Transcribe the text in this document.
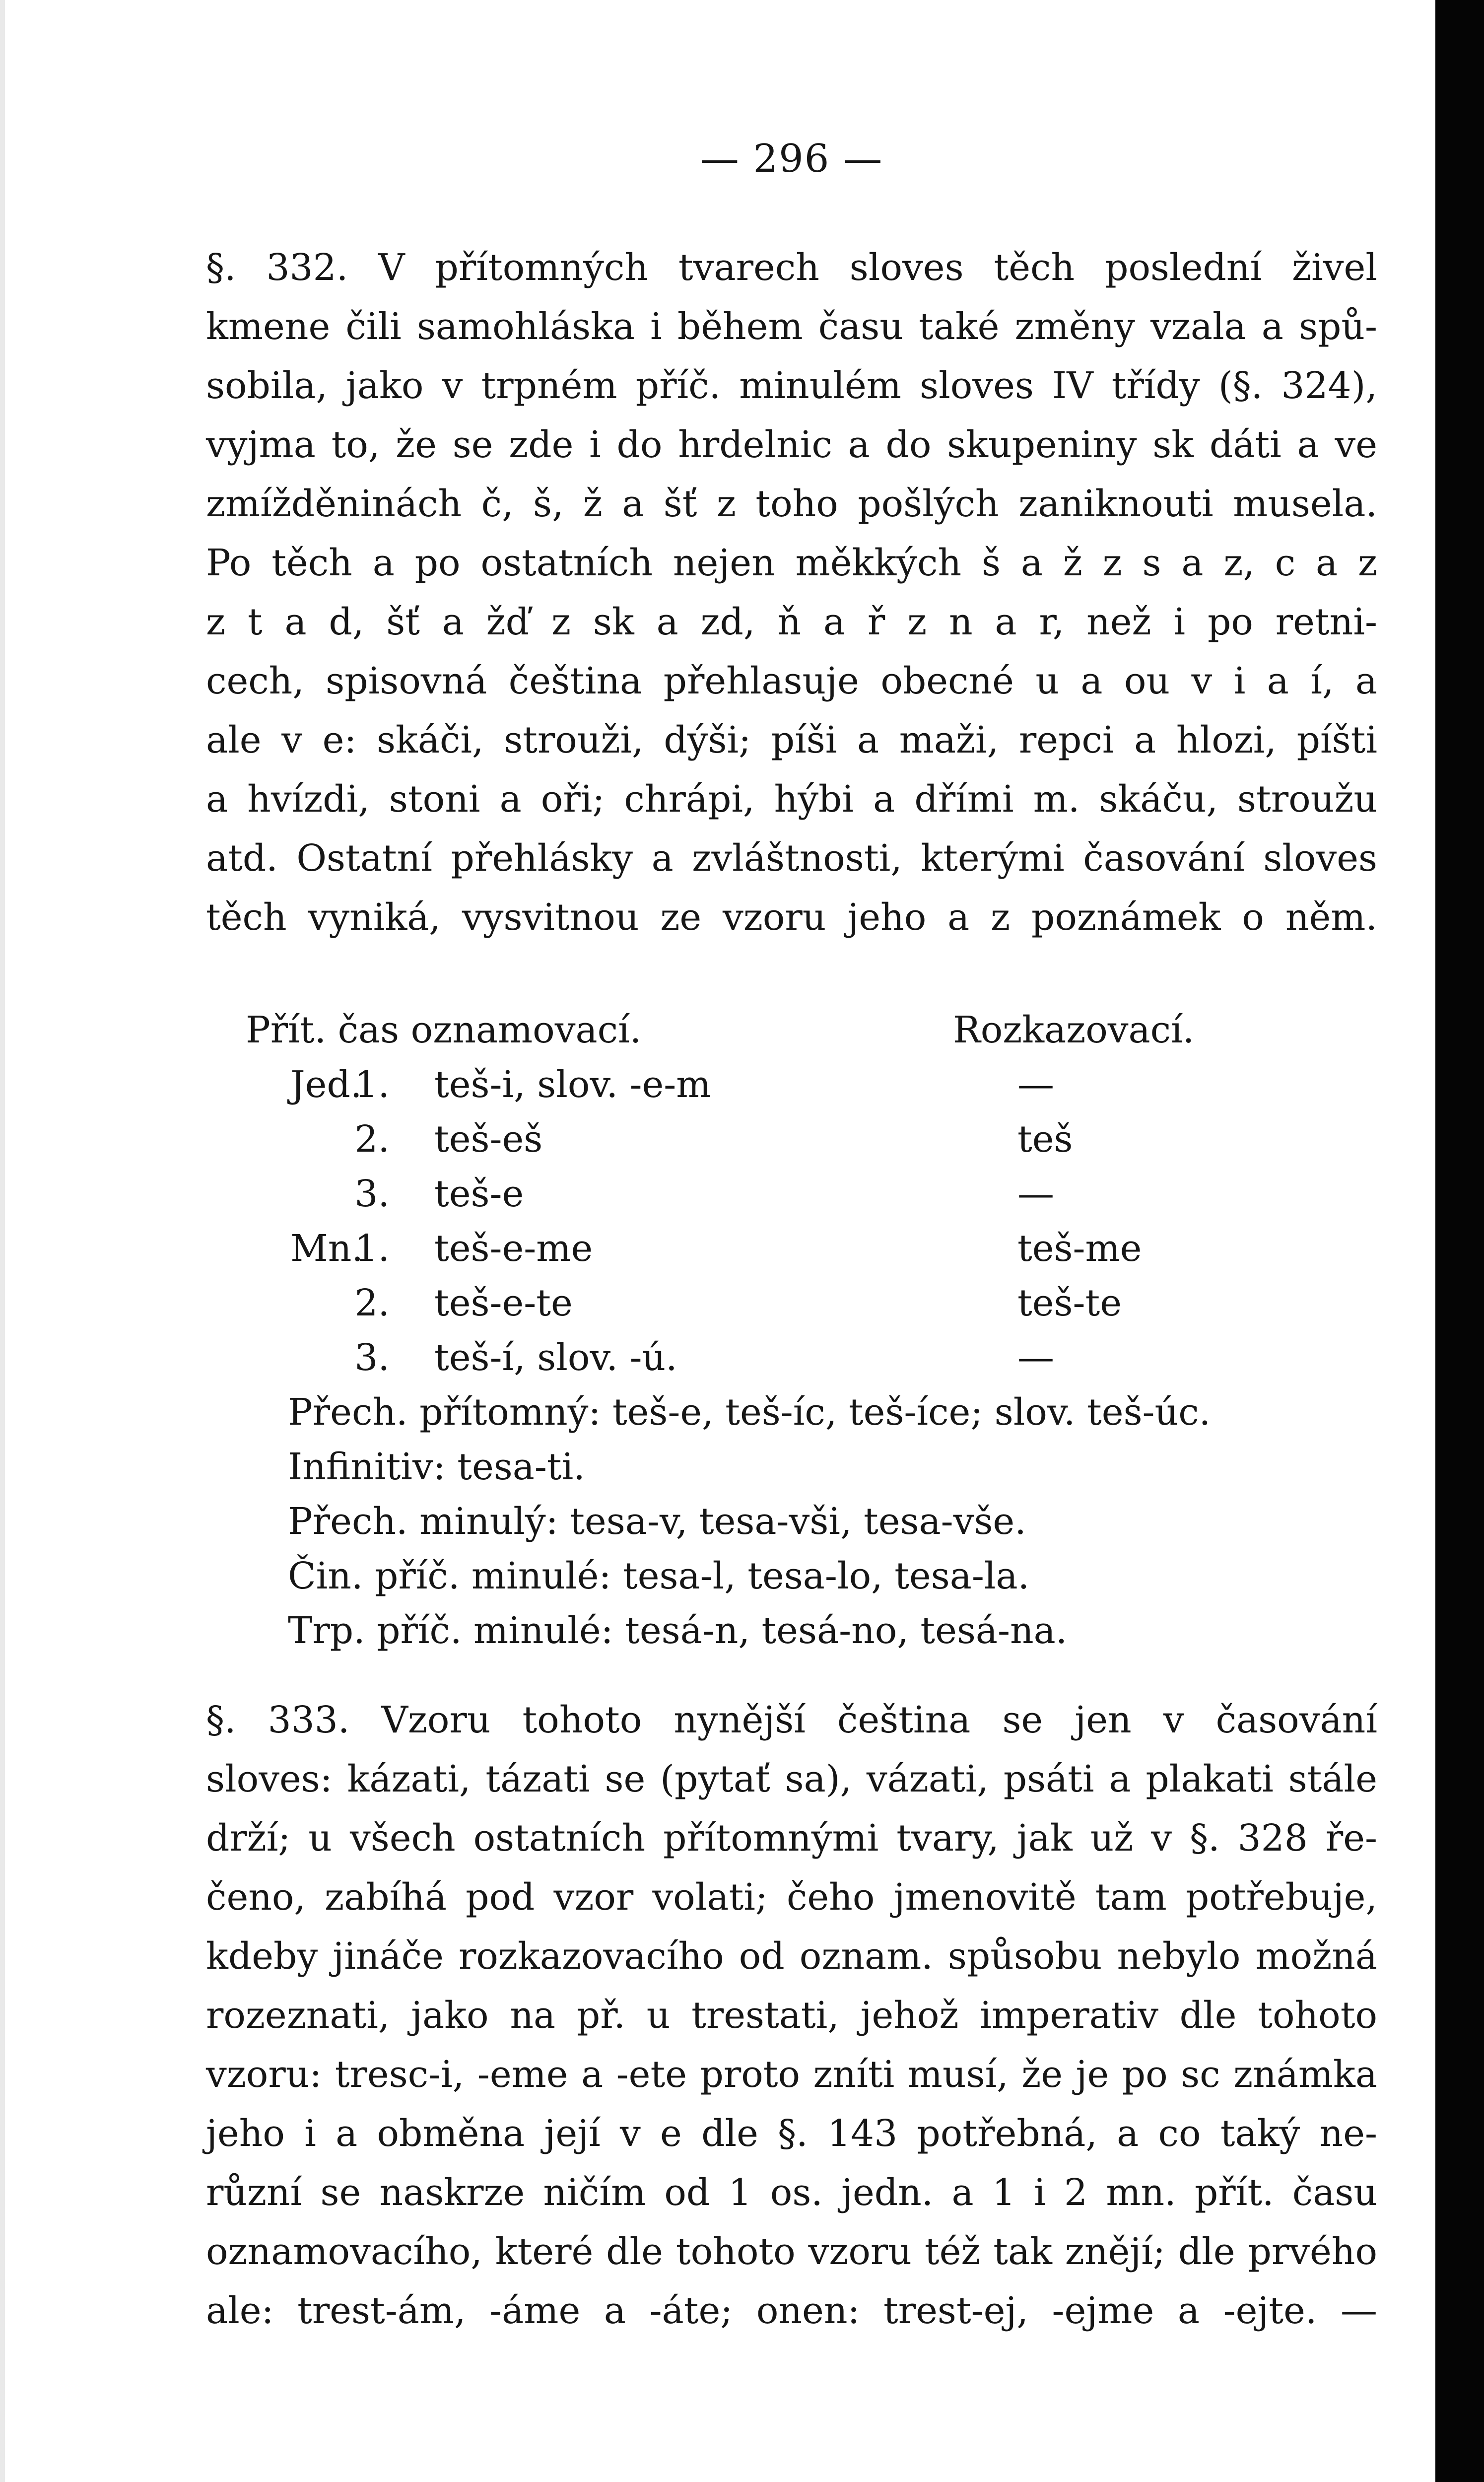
— 296 —
§. 332. V přítomných tvarech sloves těch poslední živel
kmene čili samohláska i během času také změny vzala a spů-
sobila, jako v trpném příč. minulém sloves IV třídy (§. 324),
vyjma to, že se zde i do hrdelnic a do skupeniny sk dáti a ve
zmížděninách č, š, ž a šť z toho pošlých zaniknouti musela.
Po těch a po ostatních nejen měkkých š a ž z s a z, c a z
z t a d, šť a žď z sk a zd, ň a ř z n a r, než i po retni-
cech, spisovná čeština přehlasuje obecné u a ou v i a í, a
ale v e: skáči, strouži, dýši; píši a maži, repci a hlozi, píšti
a hvízdi, stoni a oři; chrápi, hýbi a dřími m. skáču, stroužu
atd. Ostatní přehlásky a zvláštnosti, kterými časování sloves
těch vyniká, vysvitnou ze vzoru jeho a z poznámek o něm.
Přít. čas oznamovací.	Rozkazovací.
Jed.
1. teš-i, slov. -e-m	—
2. teš-eš	teš
3. teš-e	—
Mn.
1. teš-e-me	teš-me
2. teš-e-te	teš-te
3. teš-í, slov. -ú.	—
Přech. přítomný: teš-e, teš-íc, teš-íce; slov. teš-úc.
Infinitiv: tesa-ti.
Přech. minulý: tesa-v, tesa-vši, tesa-vše.
Čin. příč. minulé: tesa-l, tesa-lo, tesa-la.
Trp. příč. minulé: tesá-n, tesá-no, tesá-na.
§. 333. Vzoru tohoto nynější čeština se jen v časování
sloves: kázati, tázati se (pytať sa), vázati, psáti a plakati stále
drží; u všech ostatních přítomnými tvary, jak už v §. 328 ře-
čeno, zabíhá pod vzor volati; čeho jmenovitě tam potřebuje,
kdeby jináče rozkazovacího od oznam. spůsobu nebylo možná
rozeznati, jako na př. u trestati, jehož imperativ dle tohoto
vzoru: tresc-i, -eme a -ete proto zníti musí, že je po sc známka
jeho i a obměna její v e dle §. 143 potřebná, a co taký ne-
různí se naskrze ničím od 1 os. jedn. a 1 i 2 mn. přít. času
oznamovacího, které dle tohoto vzoru též tak znějí; dle prvého
ale: trest-ám, -áme a -áte; onen: trest-ej, -ejme a -ejte. —
